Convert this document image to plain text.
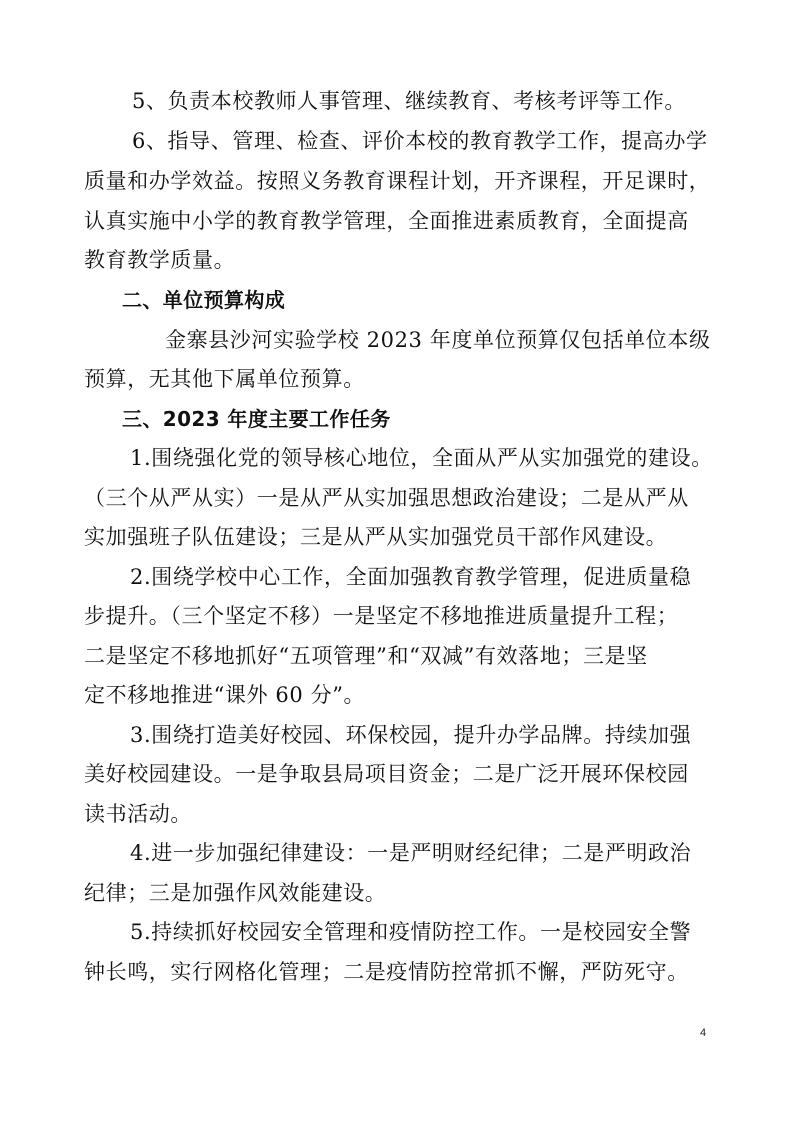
5、负责本校教师人事管理、继续教育、考核考评等工作。
6、指导、管理、检查、评价本校的教育教学工作，提高办学
质量和办学效益。按照义务教育课程计划，开齐课程，开足课时，
认真实施中小学的教育教学管理，全面推进素质教育，全面提高
教育教学质量。
二、单位预算构成
金寨县沙河实验学校 2023 年度单位预算仅包括单位本级
预算，无其他下属单位预算。
三、2023 年度主要工作任务
1.围绕强化党的领导核心地位，全面从严从实加强党的建设。
（三个从严从实）一是从严从实加强思想政治建设；二是从严从
实加强班子队伍建设；三是从严从实加强党员干部作风建设。
2.围绕学校中心工作，全面加强教育教学管理，促进质量稳
步提升。（三个坚定不移）一是坚定不移地推进质量提升工程；
二是坚定不移地抓好“五项管理”和“双减”有效落地；三是坚
定不移地推进“课外 60 分”。
3.围绕打造美好校园、环保校园，提升办学品牌。持续加强
美好校园建设。一是争取县局项目资金；二是广泛开展环保校园
读书活动。
4.进一步加强纪律建设：一是严明财经纪律；二是严明政治
纪律；三是加强作风效能建设。
5.持续抓好校园安全管理和疫情防控工作。一是校园安全警
钟长鸣，实行网格化管理；二是疫情防控常抓不懈，严防死守。
4
